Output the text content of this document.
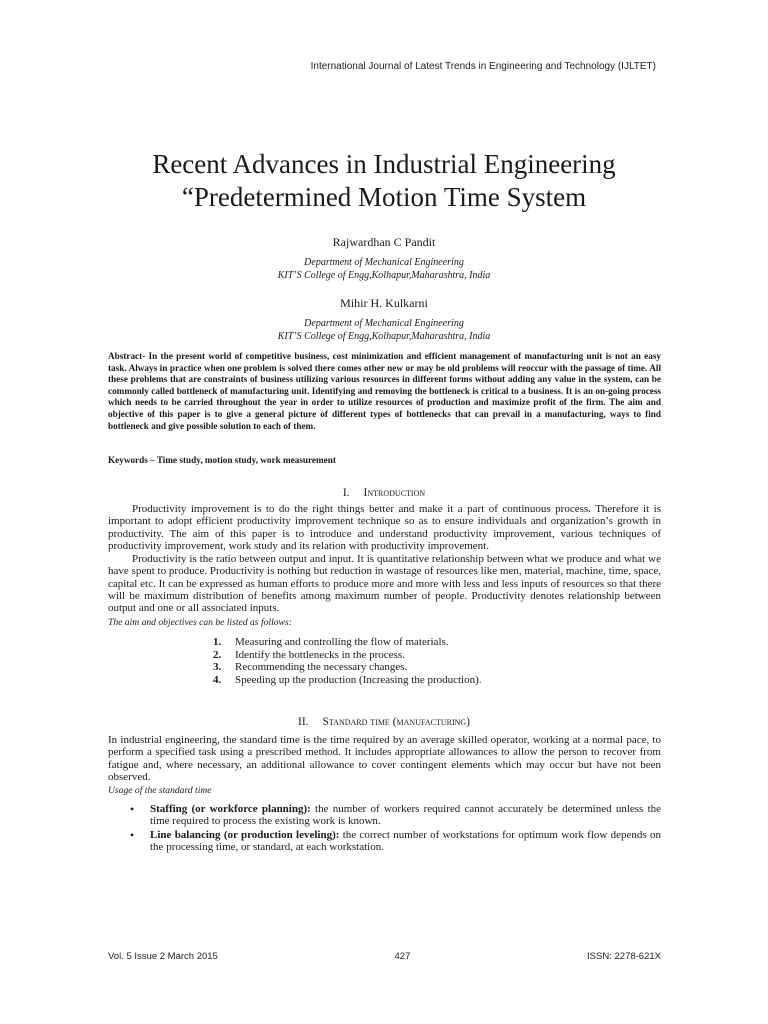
International Journal of Latest Trends in Engineering and Technology (IJLTET)
Recent Advances in Industrial Engineering
“Predetermined Motion Time System
Rajwardhan C Pandit
Department of Mechanical Engineering
KIT’S College of Engg,Kolhapur,Maharashtra, India
Mihir H. Kulkarni
Department of Mechanical Engineering
KIT’S College of Engg,Kolhapur,Maharashtra, India

Abstract- In the present world of competitive business, cost minimization and efficient management of manufacturing unit is not an easy task. Always in practice when one problem is solved there comes other new or may be old problems will reoccur with the passage of time. All these problems that are constraints of business utilizing various resources in different forms without adding any value in the system, can be commonly called bottleneck of manufacturing unit. Identifying and removing the bottleneck is critical to a business. It is an on-going process which needs to be carried throughout the year in order to utilize resources of production and maximize profit of the firm. The aim and objective of this paper is to give a general picture of different types of bottlenecks that can prevail in a manufacturing, ways to find bottleneck and give possible solution to each of them.

Keywords – Time study, motion study, work measurement

I. Introduction

Productivity improvement is to do the right things better and make it a part of continuous process. Therefore it is important to adopt efficient productivity improvement technique so as to ensure individuals and organization’s growth in productivity. The aim of this paper is to introduce and understand productivity improvement, various techniques of productivity improvement, work study and its relation with productivity improvement.

Productivity is the ratio between output and input. It is quantitative relationship between what we produce and what we have spent to produce. Productivity is nothing but reduction in wastage of resources like men, material, machine, time, space, capital etc. It can be expressed as human efforts to produce more and more with less and less inputs of resources so that there will be maximum distribution of benefits among maximum number of people. Productivity denotes relationship between output and one or all associated inputs.

The aim and objectives can be listed as follows:

1.	Measuring and controlling the flow of materials.
2.	Identify the bottlenecks in the process.
3.	Recommending the necessary changes.
4.	Speeding up the production (Increasing the production).
II. Standard time (manufacturing)

In industrial engineering, the standard time is the time required by an average skilled operator, working at a normal pace, to perform a specified task using a prescribed method. It includes appropriate allowances to allow the person to recover from fatigue and, where necessary, an additional allowance to cover contingent elements which may occur but have not been observed.

Usage of the standard time

•	Staffing (or workforce planning): the number of workers required cannot accurately be determined unless the time required to process the existing work is known.
•	Line balancing (or production leveling): the correct number of workstations for optimum work flow depends on the processing time, or standard, at each workstation.
Vol. 5 Issue 2 March 2015	427	ISSN: 2278-621X
